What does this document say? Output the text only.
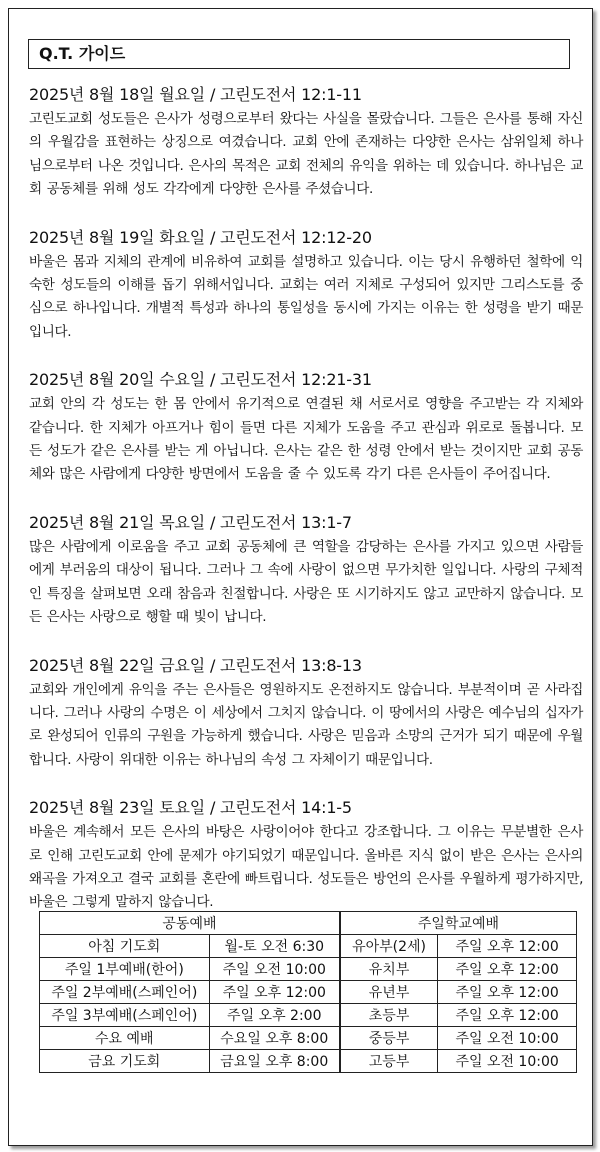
Q.T. 가이드
2025년 8월 18일 월요일 / 고린도전서 12:1-11
고린도교회 성도들은 은사가 성령으로부터 왔다는 사실을 몰랐습니다. 그들은 은사를 통해 자신의 우월감을 표현하는 상징으로 여겼습니다. 교회 안에 존재하는 다양한 은사는 삼위일체 하나님으로부터 나온 것입니다. 은사의 목적은 교회 전체의 유익을 위하는 데 있습니다. 하나님은 교회 공동체를 위해 성도 각각에게 다양한 은사를 주셨습니다.
2025년 8월 19일 화요일 / 고린도전서 12:12-20
바울은 몸과 지체의 관계에 비유하여 교회를 설명하고 있습니다. 이는 당시 유행하던 철학에 익숙한 성도들의 이해를 돕기 위해서입니다. 교회는 여러 지체로 구성되어 있지만 그리스도를 중심으로 하나입니다. 개별적 특성과 하나의 통일성을 동시에 가지는 이유는 한 성령을 받기 때문입니다.
2025년 8월 20일 수요일 / 고린도전서 12:21-31
교회 안의 각 성도는 한 몸 안에서 유기적으로 연결된 채 서로서로 영향을 주고받는 각 지체와 같습니다. 한 지체가 아프거나 힘이 들면 다른 지체가 도움을 주고 관심과 위로로 돌봅니다. 모든 성도가 같은 은사를 받는 게 아닙니다. 은사는 같은 한 성령 안에서 받는 것이지만 교회 공동체와 많은 사람에게 다양한 방면에서 도움을 줄 수 있도록 각기 다른 은사들이 주어집니다.
2025년 8월 21일 목요일 / 고린도전서 13:1-7
많은 사람에게 이로움을 주고 교회 공동체에 큰 역할을 감당하는 은사를 가지고 있으면 사람들에게 부러움의 대상이 됩니다. 그러나 그 속에 사랑이 없으면 무가치한 일입니다. 사랑의 구체적인 특징을 살펴보면 오래 참음과 친절합니다. 사랑은 또 시기하지도 않고 교만하지 않습니다. 모든 은사는 사랑으로 행할 때 빛이 납니다.
2025년 8월 22일 금요일 / 고린도전서 13:8-13
교회와 개인에게 유익을 주는 은사들은 영원하지도 온전하지도 않습니다. 부분적이며 곧 사라집니다. 그러나 사랑의 수명은 이 세상에서 그치지 않습니다. 이 땅에서의 사랑은 예수님의 십자가로 완성되어 인류의 구원을 가능하게 했습니다. 사랑은 믿음과 소망의 근거가 되기 때문에 우월합니다. 사랑이 위대한 이유는 하나님의 속성 그 자체이기 때문입니다.
2025년 8월 23일 토요일 / 고린도전서 14:1-5
바울은 계속해서 모든 은사의 바탕은 사랑이어야 한다고 강조합니다. 그 이유는 무분별한 은사로 인해 고린도교회 안에 문제가 야기되었기 때문입니다. 올바른 지식 없이 받은 은사는 은사의 왜곡을 가져오고 결국 교회를 혼란에 빠트립니다. 성도들은 방언의 은사를 우월하게 평가하지만, 바울은 그렇게 말하지 않습니다.
공동예배		주일학교예배	
아침 기도회	월-토 오전 6:30	유아부(2세)	주일 오후 12:00
주일 1부예배(한어)	주일 오전 10:00	유치부	주일 오후 12:00
주일 2부예배(스페인어)	주일 오후 12:00	유년부	주일 오후 12:00
주일 3부예배(스페인어)	주일 오후 2:00	초등부	주일 오후 12:00
수요 예배	수요일 오후 8:00	중등부	주일 오전 10:00
금요 기도회	금요일 오후 8:00	고등부	주일 오전 10:00
